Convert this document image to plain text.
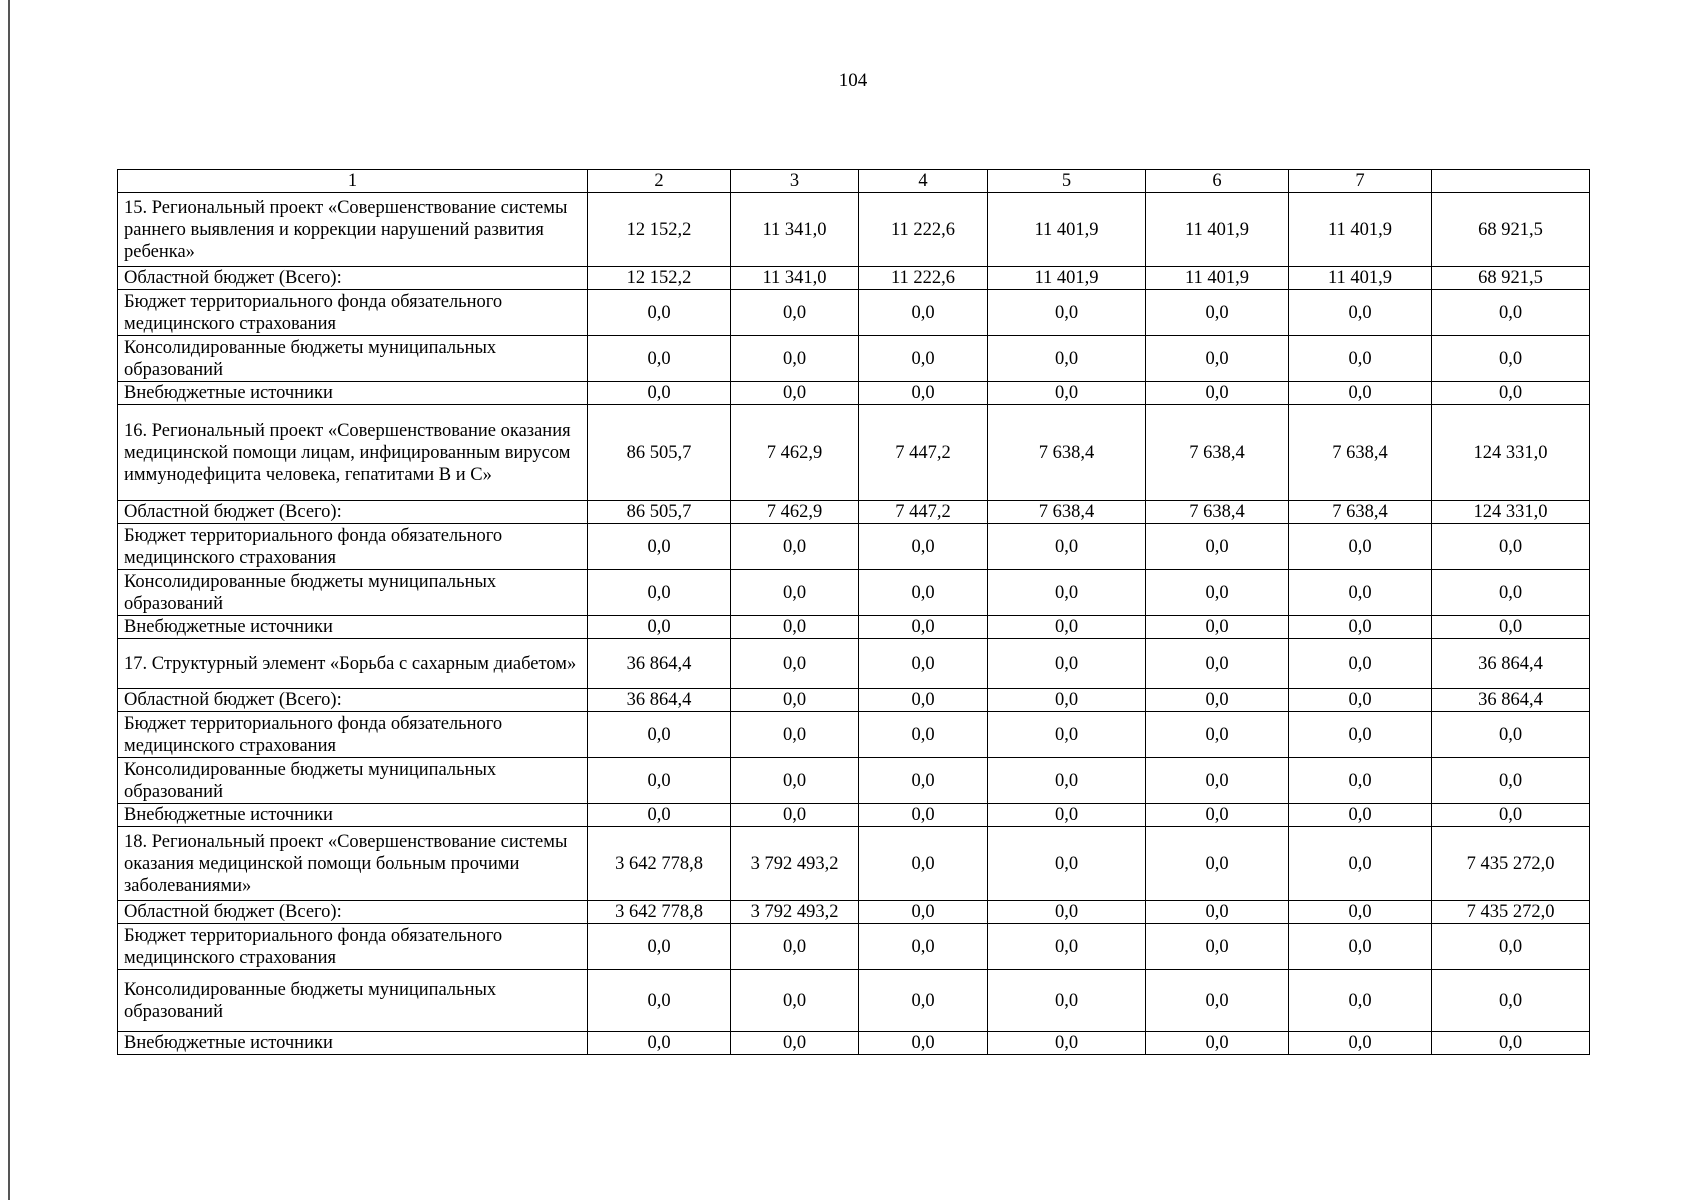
104
1	2	3	4	5	6	7	
15. Региональный проект «Совершенствование системы раннего выявления и коррекции нарушений развития ребенка»	12 152,2	11 341,0	11 222,6	11 401,9	11 401,9	11 401,9	68 921,5
Областной бюджет (Всего):	12 152,2	11 341,0	11 222,6	11 401,9	11 401,9	11 401,9	68 921,5
Бюджет территориального фонда обязательного медицинского страхования	0,0	0,0	0,0	0,0	0,0	0,0	0,0
Консолидированные бюджеты муниципальных образований	0,0	0,0	0,0	0,0	0,0	0,0	0,0
Внебюджетные источники	0,0	0,0	0,0	0,0	0,0	0,0	0,0
16. Региональный проект «Совершенствование оказания медицинской помощи лицам, инфицированным вирусом иммунодефицита человека, гепатитами В и С»	86 505,7	7 462,9	7 447,2	7 638,4	7 638,4	7 638,4	124 331,0
Областной бюджет (Всего):	86 505,7	7 462,9	7 447,2	7 638,4	7 638,4	7 638,4	124 331,0
Бюджет территориального фонда обязательного медицинского страхования	0,0	0,0	0,0	0,0	0,0	0,0	0,0
Консолидированные бюджеты муниципальных образований	0,0	0,0	0,0	0,0	0,0	0,0	0,0
Внебюджетные источники	0,0	0,0	0,0	0,0	0,0	0,0	0,0
17. Структурный элемент «Борьба с сахарным диабетом»	36 864,4	0,0	0,0	0,0	0,0	0,0	36 864,4
Областной бюджет (Всего):	36 864,4	0,0	0,0	0,0	0,0	0,0	36 864,4
Бюджет территориального фонда обязательного медицинского страхования	0,0	0,0	0,0	0,0	0,0	0,0	0,0
Консолидированные бюджеты муниципальных образований	0,0	0,0	0,0	0,0	0,0	0,0	0,0
Внебюджетные источники	0,0	0,0	0,0	0,0	0,0	0,0	0,0
18. Региональный проект «Совершенствование системы оказания медицинской помощи больным прочими заболеваниями»	3 642 778,8	3 792 493,2	0,0	0,0	0,0	0,0	7 435 272,0
Областной бюджет (Всего):	3 642 778,8	3 792 493,2	0,0	0,0	0,0	0,0	7 435 272,0
Бюджет территориального фонда обязательного медицинского страхования	0,0	0,0	0,0	0,0	0,0	0,0	0,0
Консолидированные бюджеты муниципальных образований	0,0	0,0	0,0	0,0	0,0	0,0	0,0
Внебюджетные источники	0,0	0,0	0,0	0,0	0,0	0,0	0,0
